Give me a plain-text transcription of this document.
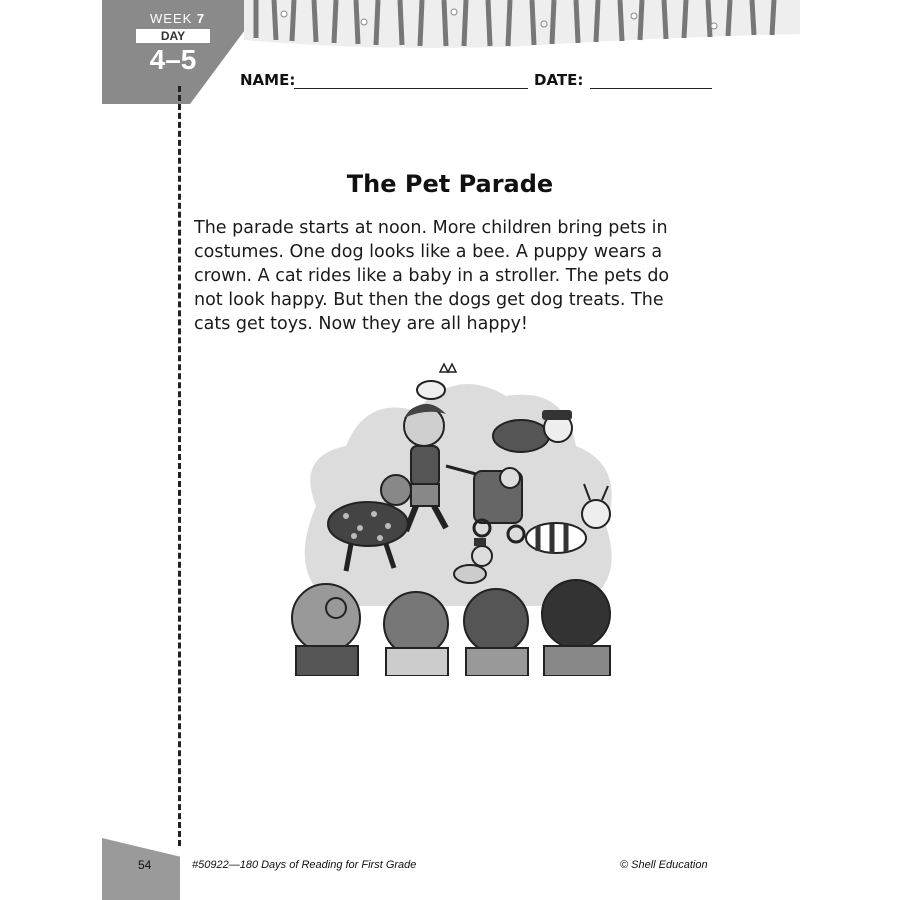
WEEK 7
DAY
4–5
NAME:	DATE:
The Pet Parade
The parade starts at noon. More children bring pets in
costumes. One dog looks like a bee. A puppy wears a
crown. A cat rides like a baby in a stroller. The pets do
not look happy. But then the dogs get dog treats. The
cats get toys. Now they are all happy!
54	#50922—180 Days of Reading for First Grade	© Shell Education
